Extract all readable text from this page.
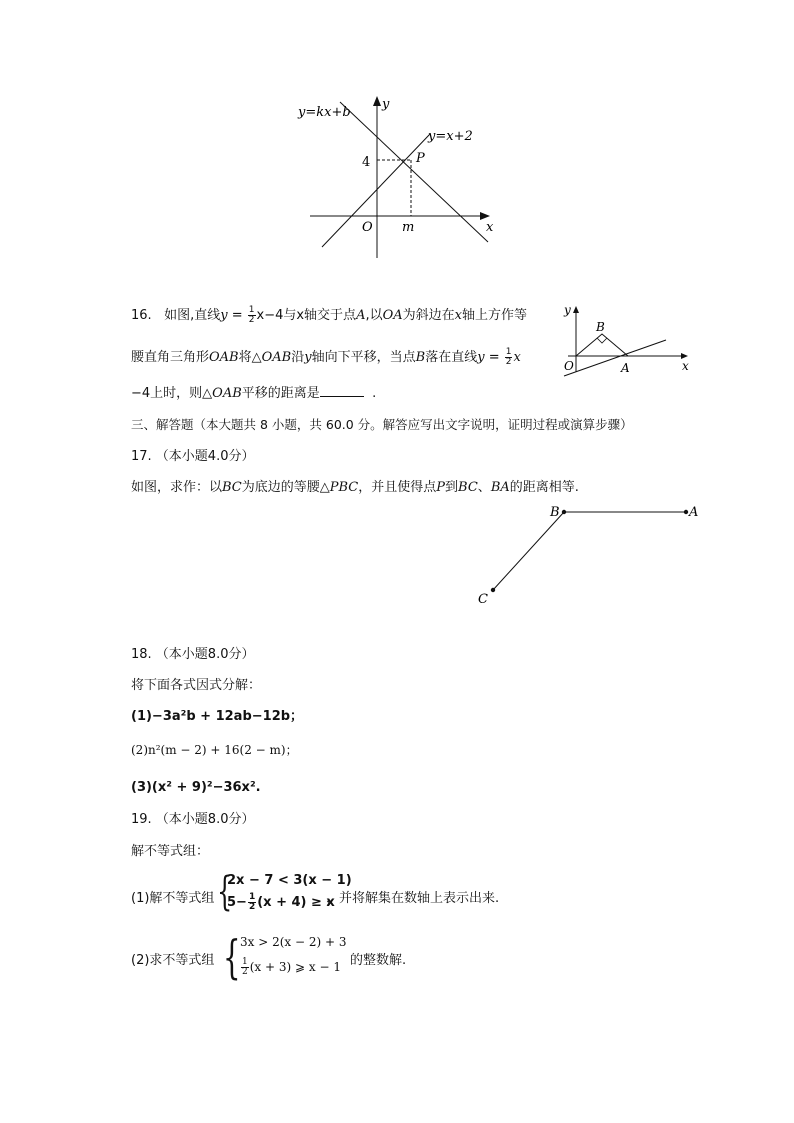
y=kx+b
y=x+2
y
x
O
4
m
P
16. 如图,直线$y = \frac{1}{2} x-4$与x轴交于点A,以OA为斜边在x轴上方作等
腰直角三角形OAB将△OAB沿y轴向下平移，当点B落在直线$y = \frac{1}{2}$ x
−4上时，则△OAB平移的距离是	.
y
x
O	A
B
三、解答题（本大题共 8 小题，共 60.0 分。解答应写出文字说明，证明过程或演算步骤）
17. （本小题4.0分）
如图，求作：以BC为底边的等腰△PBC，并且使得点P到BC、BA的距离相等.
B	A
C
18. （本小题8.0分）
将下面各式因式分解：
(1)−3a²b + 12ab−12b；
(2)n²(m − 2) + 16(2 − m)；
(3)(x² + 9)²−36x².
19. （本小题8.0分）
解不等式组：
(1)解不等式组 {
2x − 7 < 3(x − 1)
$5- \frac{1}{2} (x + 4) \ge x$
，并将解集在数轴上表示出来.
(2)求不等式组 { 3x > 2(x − 2) + 3
$\frac{1}{2} (x + 3)$ ⩾ x − 1 的整数解.
